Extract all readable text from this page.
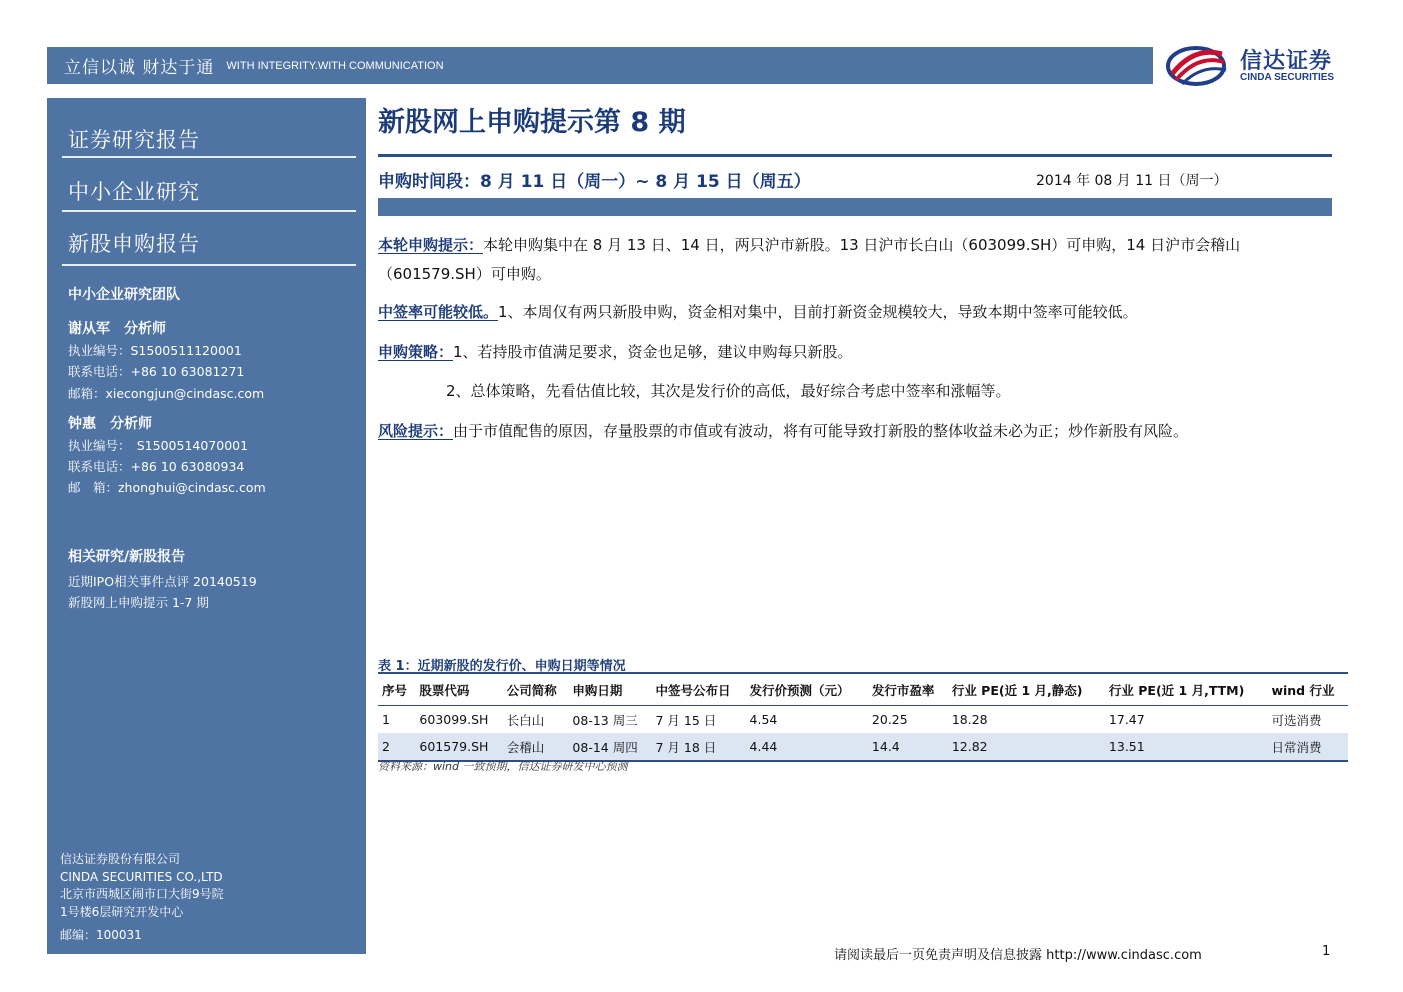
立信以诚 财达于通 WITH INTEGRITY.WITH COMMUNICATION	信达证券
CINDA SECURITIES
证券研究报告
中小企业研究
新股申购报告
中小企业研究团队
谢从军　分析师
执业编号：S1500511120001
联系电话：+86 10 63081271
邮箱：xiecongjun@cindasc.com
钟惠　分析师
执业编号：　S1500514070001
联系电话：+86 10 63080934
邮　箱：zhonghui@cindasc.com
相关研究/新股报告
近期IPO相关事件点评 20140519
新股网上申购提示 1-7 期
信达证券股份有限公司
CINDA SECURITIES CO.,LTD
北京市西城区闹市口大街9号院
1号楼6层研究开发中心
邮编：100031
新股网上申购提示第 8 期
申购时间段：8 月 11 日（周一）~ 8 月 15 日（周五）	2014 年 08 月 11 日（周一）
本轮申购提示：本轮申购集中在 8 月 13 日、14 日，两只沪市新股。13 日沪市长白山（603099.SH）可申购，14 日沪市会稽山（601579.SH）可申购。
中签率可能较低。1、本周仅有两只新股申购，资金相对集中，目前打新资金规模较大，导致本期中签率可能较低。
申购策略：1、若持股市值满足要求，资金也足够，建议申购每只新股。
2、总体策略，先看估值比较，其次是发行价的高低，最好综合考虑中签率和涨幅等。
风险提示：由于市值配售的原因，存量股票的市值或有波动，将有可能导致打新股的整体收益未必为正；炒作新股有风险。
表 1：近期新股的发行价、申购日期等情况
序号	股票代码	公司简称	申购日期	中签号公布日	发行价预测（元）	发行市盈率	行业 PE(近 1 月,静态)	行业 PE(近 1 月,TTM)	wind 行业
1	603099.SH	长白山	08-13 周三	7 月 15 日	4.54	20.25	18.28	17.47	可选消费
2	601579.SH	会稽山	08-14 周四	7 月 18 日	4.44	14.4	12.82	13.51	日常消费
资料来源：wind 一致预期，信达证券研发中心预测
请阅读最后一页免责声明及信息披露 http://www.cindasc.com	1
